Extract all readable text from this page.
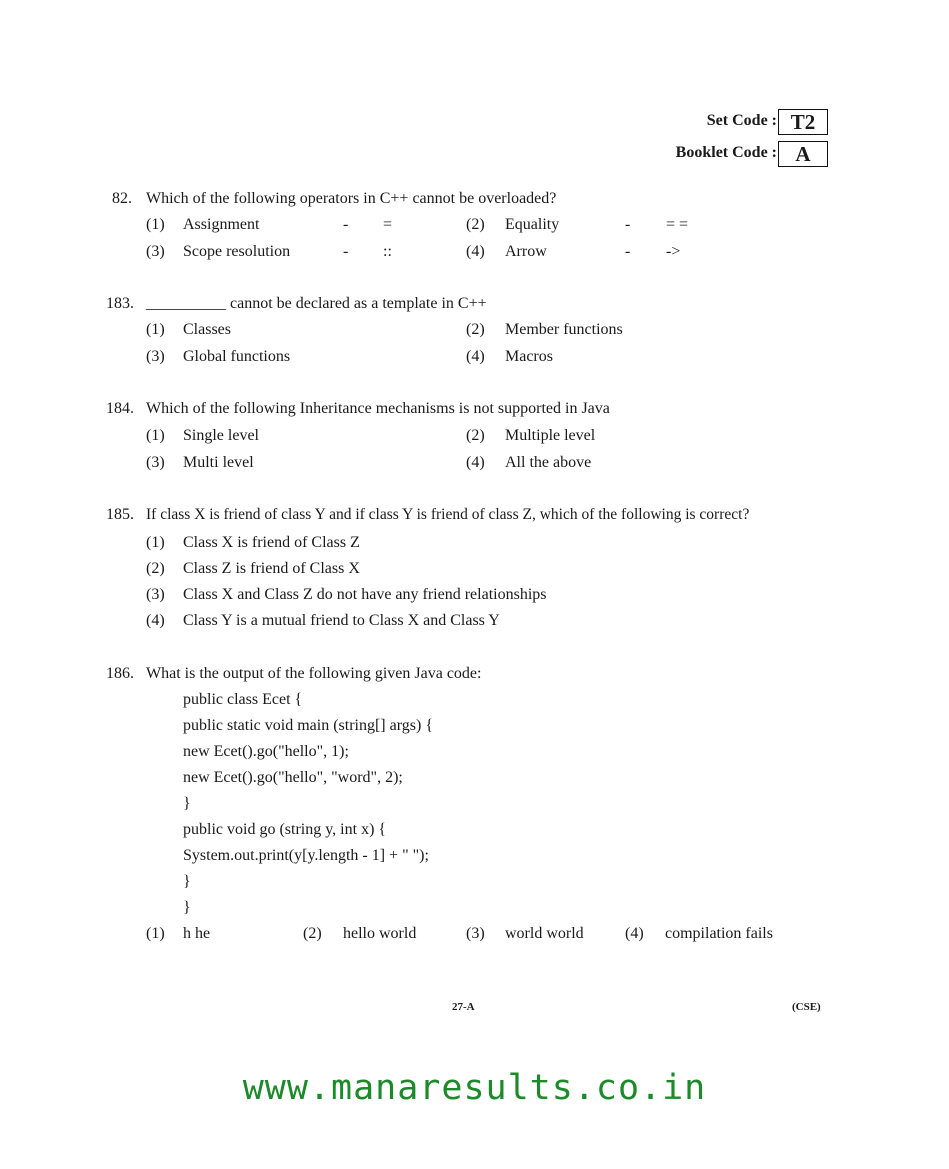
Set Code : T2
Booklet Code : A
82. Which of the following operators in C++ cannot be overloaded?
(1) Assignment	- =	(2) Equality	- = =
(3) Scope resolution	- ::	(4) Arrow	- ->
183. __________ cannot be declared as a template in C++
(1) Classes	(2) Member functions
(3) Global functions	(4) Macros
184. Which of the following Inheritance mechanisms is not supported in Java
(1) Single level	(2) Multiple level
(3) Multi level	(4) All the above
185. If class X is friend of class Y and if class Y is friend of class Z, which of the following is correct?
(1) Class X is friend of Class Z
(2) Class Z is friend of Class X
(3) Class X and Class Z do not have any friend relationships
(4) Class Y is a mutual friend to Class X and Class Y
186. What is the output of the following given Java code:
public class Ecet {
public static void main (string[] args) {
new Ecet().go("hello", 1);
new Ecet().go("hello", "word", 2);
}
public void go (string y, int x) {
System.out.print(y[y.length - 1] + " ");
}
}
(1) h he	(2) hello world	(3) world world	(4) compilation fails
27-A	(CSE)
www.manaresults.co.in
